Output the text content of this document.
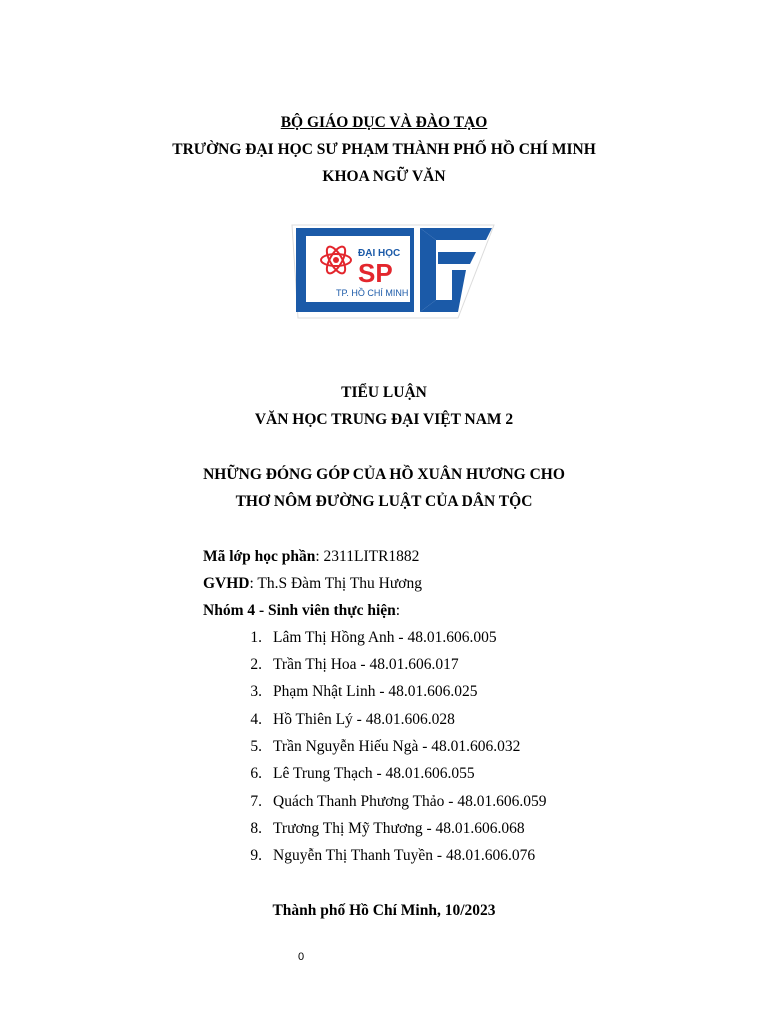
BỘ GIÁO DỤC VÀ ĐÀO TẠO
TRƯỜNG ĐẠI HỌC SƯ PHẠM THÀNH PHỐ HỒ CHÍ MINH
KHOA NGỮ VĂN
ĐẠI HỌC
SP
TP. HỒ CHÍ MINH
TIỂU LUẬN
VĂN HỌC TRUNG ĐẠI VIỆT NAM 2
NHỮNG ĐÓNG GÓP CỦA HỒ XUÂN HƯƠNG CHO
THƠ NÔM ĐƯỜNG LUẬT CỦA DÂN TỘC
Mã lớp học phần: 2311LITR1882
GVHD: Th.S Đàm Thị Thu Hương
Nhóm 4 - Sinh viên thực hiện:
1. Lâm Thị Hồng Anh - 48.01.606.005
2. Trần Thị Hoa - 48.01.606.017
3. Phạm Nhật Linh - 48.01.606.025
4. Hồ Thiên Lý - 48.01.606.028
5. Trần Nguyễn Hiếu Ngà - 48.01.606.032
6. Lê Trung Thạch - 48.01.606.055
7. Quách Thanh Phương Thảo - 48.01.606.059
8. Trương Thị Mỹ Thương - 48.01.606.068
9. Nguyễn Thị Thanh Tuyền - 48.01.606.076
Thành phố Hồ Chí Minh, 10/2023
0
